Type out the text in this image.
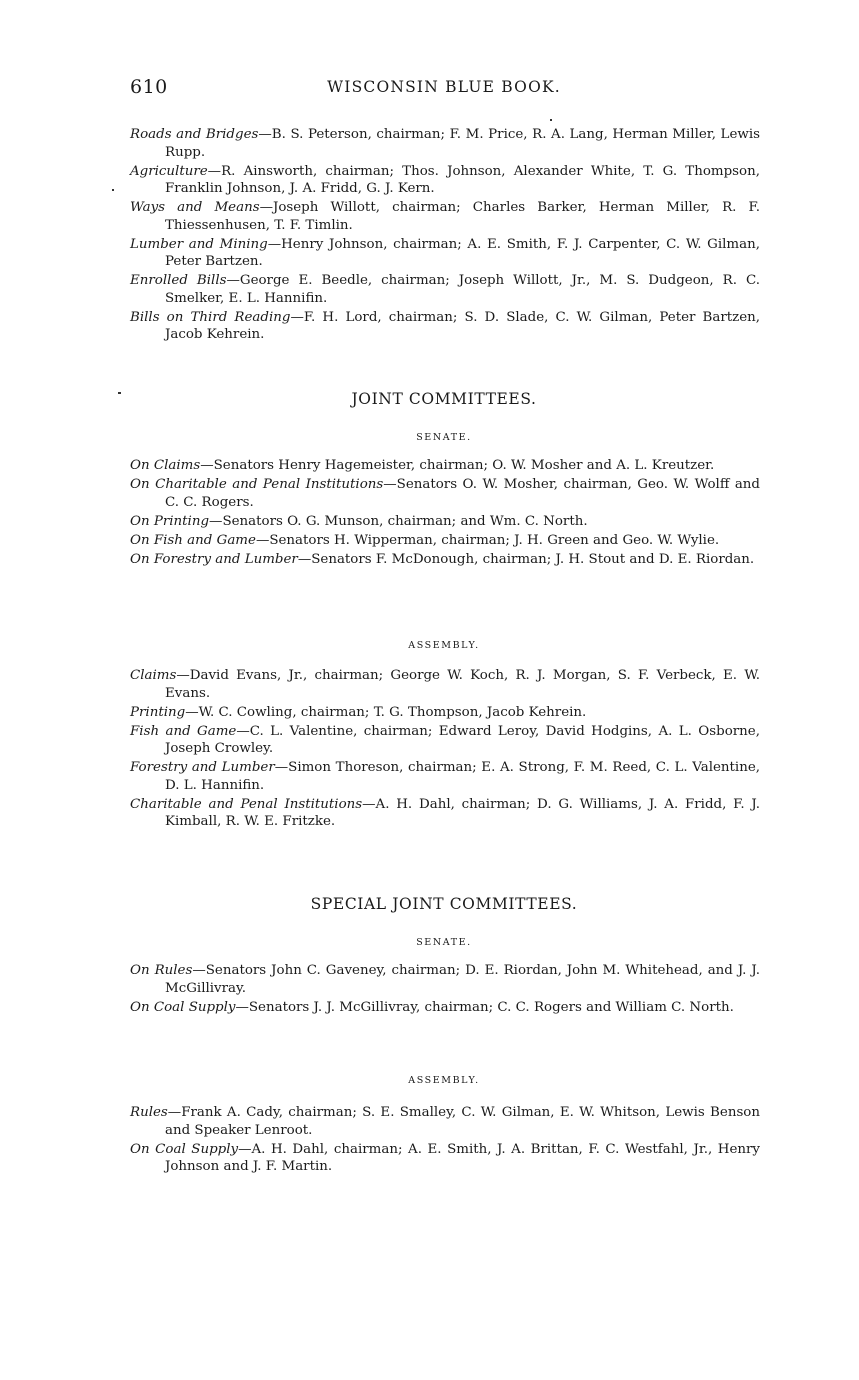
610	WISCONSIN BLUE BOOK.

Roads and Bridges—B. S. Peterson, chairman; F. M. Price, R. A. Lang, Herman Miller, Lewis Rupp.

Agriculture—R. Ainsworth, chairman; Thos. Johnson, Alexander White, T. G. Thompson, Franklin Johnson, J. A. Fridd, G. J. Kern.

Ways and Means—Joseph Willott, chairman; Charles Barker, Herman Miller, R. F. Thiessenhusen, T. F. Timlin.

Lumber and Mining—Henry Johnson, chairman; A. E. Smith, F. J. Carpenter, C. W. Gilman, Peter Bartzen.

Enrolled Bills—George E. Beedle, chairman; Joseph Willott, Jr., M. S. Dudgeon, R. C. Smelker, E. L. Hannifin.

Bills on Third Reading—F. H. Lord, chairman; S. D. Slade, C. W. Gilman, Peter Bartzen, Jacob Kehrein.

JOINT COMMITTEES.
SENATE.

On Claims—Senators Henry Hagemeister, chairman; O. W. Mosher and A. L. Kreutzer.

On Charitable and Penal Institutions—Senators O. W. Mosher, chairman, Geo. W. Wolff and C. C. Rogers.

On Printing—Senators O. G. Munson, chairman; and Wm. C. North.

On Fish and Game—Senators H. Wipperman, chairman; J. H. Green and Geo. W. Wylie.

On Forestry and Lumber—Senators F. McDonough, chairman; J. H. Stout and D. E. Riordan.

ASSEMBLY.

Claims—David Evans, Jr., chairman; George W. Koch, R. J. Morgan, S. F. Verbeck, E. W. Evans.

Printing—W. C. Cowling, chairman; T. G. Thompson, Jacob Kehrein.

Fish and Game—C. L. Valentine, chairman; Edward Leroy, David Hodgins, A. L. Osborne, Joseph Crowley.

Forestry and Lumber—Simon Thoreson, chairman; E. A. Strong, F. M. Reed, C. L. Valentine, D. L. Hannifin.

Charitable and Penal Institutions—A. H. Dahl, chairman; D. G. Williams, J. A. Fridd, F. J. Kimball, R. W. E. Fritzke.

SPECIAL JOINT COMMITTEES.
SENATE.

On Rules—Senators John C. Gaveney, chairman; D. E. Riordan, John M. Whitehead, and J. J. McGillivray.

On Coal Supply—Senators J. J. McGillivray, chairman; C. C. Rogers and William C. North.

ASSEMBLY.

Rules—Frank A. Cady, chairman; S. E. Smalley, C. W. Gilman, E. W. Whitson, Lewis Benson and Speaker Lenroot.

On Coal Supply—A. H. Dahl, chairman; A. E. Smith, J. A. Brittan, F. C. Westfahl, Jr., Henry Johnson and J. F. Martin.
